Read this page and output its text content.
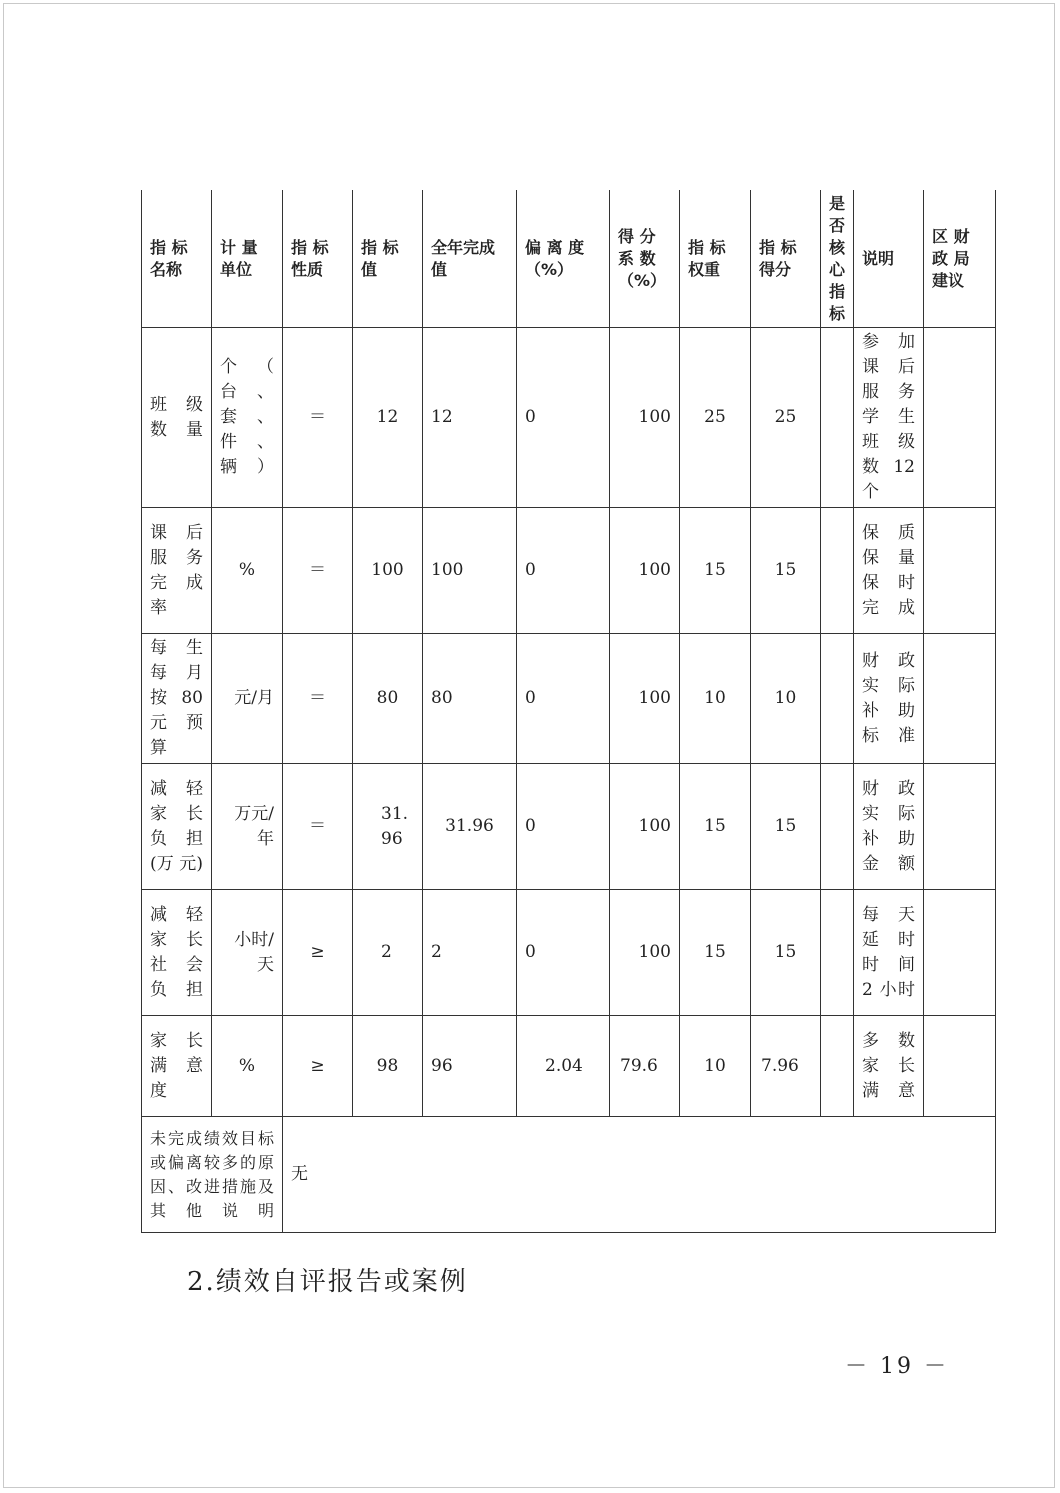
指 标 名称	计 量 单位	指 标 性质	指 标 值	全年完成值	偏 离 度（%）	得 分 系 数（%）	指 标 权重	指 标 得分	是否核心指标	说明	区 财 政 局 建议
班 级 数 量	个 （ 台 、 套 、 件 、 辆）	＝	12	12	0	100	25	25		参 加 课 后 服 务 学 生 班 级 数 12个	
课 后 服 务 完 成率	%	＝	100	100	0	100	15	15		保 质 保 量 保 时 完 成	
每 生 每 月 按 80 元 预算	元/月	＝	80	80	0	100	10	10		财 政 实 际 补 助 标 准	
减 轻 家 长 负 担(万 元)	万元/年	＝	31.96	31.96	0	100	15	15		财 政 实 际 补 助 金 额	
减 轻 家 长 社 会 负 担	小时/天	≥	2	2	0	100	15	15		每 天 延 时 时 间 2 小时	
家 长 满 意度	%	≥	98	96	2.04	79.6	10	7.96		多 数 家 长 满 意	
未完成绩效目标或偏离较多的原因、改进措施及其他说明		无									
2.绩效自评报告或案例
－ 19 －
